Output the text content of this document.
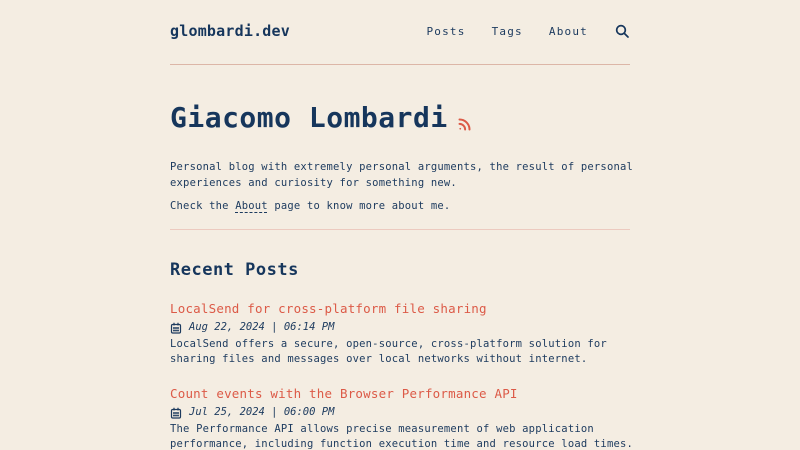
glombardi.dev	Posts Tags About
Giacomo Lombardi

Personal blog with extremely personal arguments, the result of personal
experiences and curiosity for something new.

Check the About page to know more about me.

Recent Posts
LocalSend for cross-platform file sharing
Aug 22, 2024 | 06:14 PM

LocalSend offers a secure, open-source, cross-platform solution for
sharing files and messages over local networks without internet.

Count events with the Browser Performance API
Jul 25, 2024 | 06:00 PM

The Performance API allows precise measurement of web application
performance, including function execution time and resource load times.
